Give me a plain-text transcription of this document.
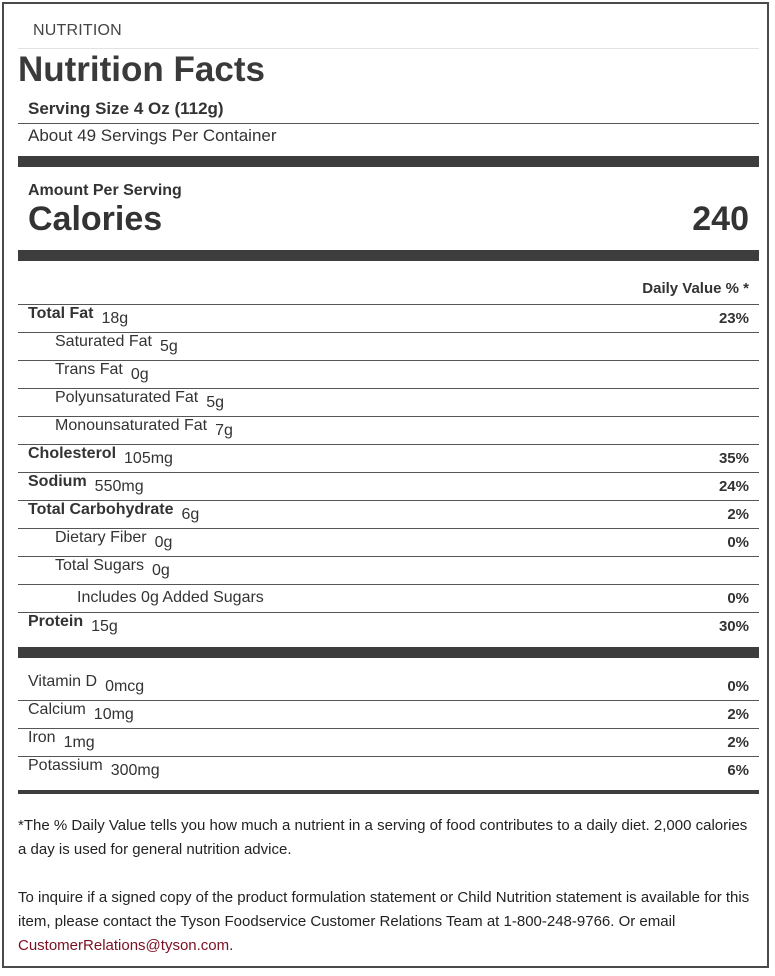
NUTRITION
Nutrition Facts
Serving Size 4 Oz (112g)
About 49 Servings Per Container
Amount Per Serving
Calories	240
Daily Value % *
Total Fat 18g	23%
Saturated Fat 5g
Trans Fat 0g
Polyunsaturated Fat 5g
Monounsaturated Fat 7g
Cholesterol 105mg	35%
Sodium 550mg	24%
Total Carbohydrate 6g	2%
Dietary Fiber 0g	0%
Total Sugars 0g
Includes 0g Added Sugars	0%
Protein 15g	30%
Vitamin D 0mcg	0%
Calcium 10mg	2%
Iron 1mg	2%
Potassium 300mg	6%
*The % Daily Value tells you how much a nutrient in a serving of food contributes to a daily diet. 2,000 calories a day is used for general nutrition advice.
To inquire if a signed copy of the product formulation statement or Child Nutrition statement is available for this item, please contact the Tyson Foodservice Customer Relations Team at 1-800-248-9766. Or email CustomerRelations@tyson.com.
